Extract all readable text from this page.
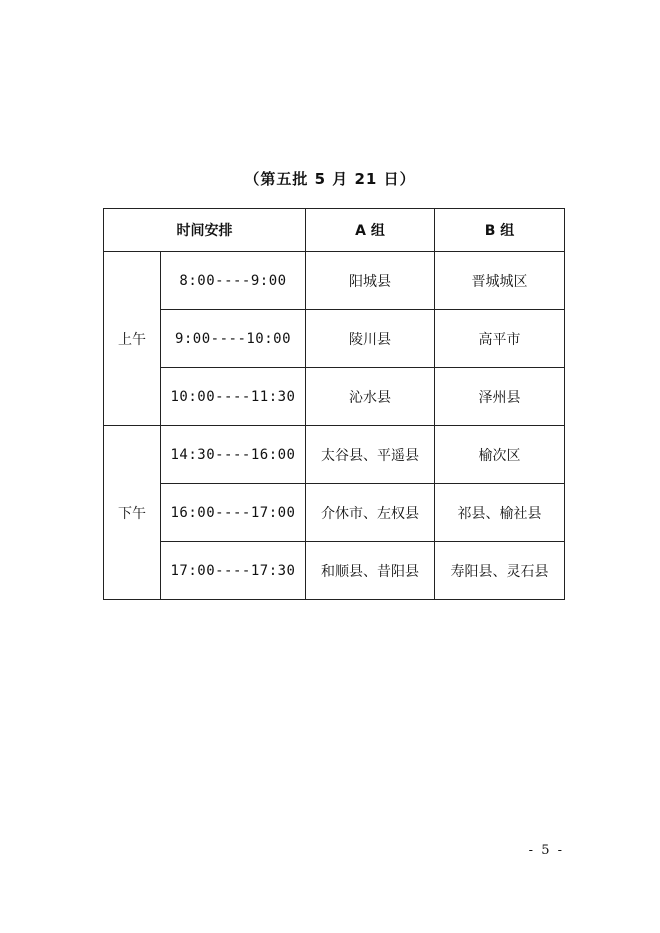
（第五批 5 月 21 日）
时间安排		A 组	B 组
上午	8:00----9:00	阳城县	晋城城区
	9:00----10:00	陵川县	高平市
	10:00----11:30	沁水县	泽州县
下午	14:30----16:00	太谷县、平遥县	榆次区
	16:00----17:00	介休市、左权县	祁县、榆社县
	17:00----17:30	和顺县、昔阳县	寿阳县、灵石县
- 5 -
